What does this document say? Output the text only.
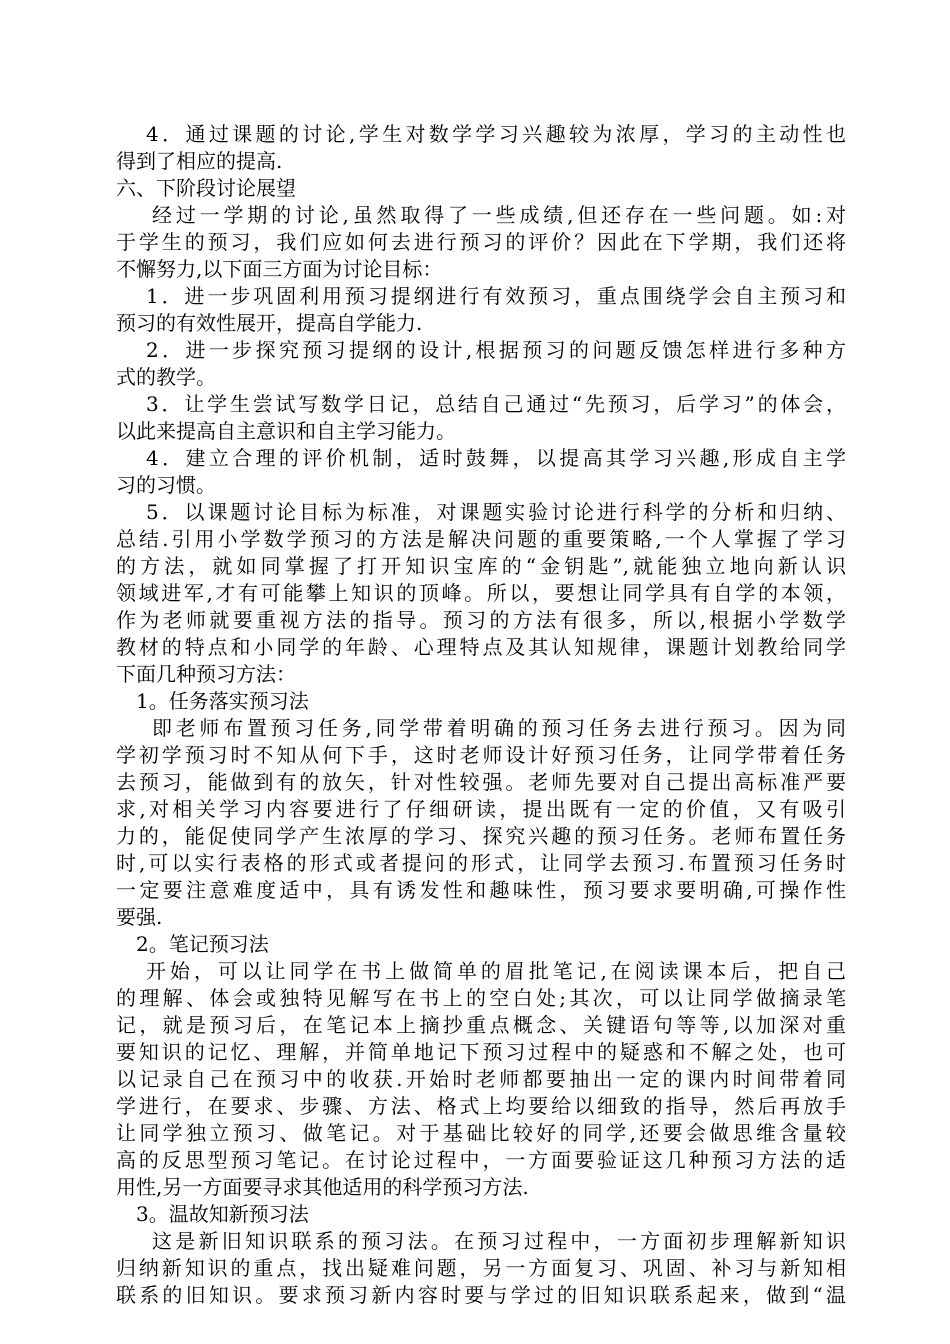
4．通过课题的讨论,学生对数学学习兴趣较为浓厚，学习的主动性也
得到了相应的提高.
六、下阶段讨论展望
经过一学期的讨论,虽然取得了一些成绩,但还存在一些问题。如:对
于学生的预习，我们应如何去进行预习的评价？因此在下学期，我们还将
不懈努力,以下面三方面为讨论目标：
1．进一步巩固利用预习提纲进行有效预习，重点围绕学会自主预习和
预习的有效性展开，提高自学能力.
2．进一步探究预习提纲的设计,根据预习的问题反馈怎样进行多种方
式的教学。
3．让学生尝试写数学日记，总结自己通过“先预习，后学习”的体会，
以此来提高自主意识和自主学习能力。
4．建立合理的评价机制，适时鼓舞，以提高其学习兴趣,形成自主学
习的习惯。
5．以课题讨论目标为标准，对课题实验讨论进行科学的分析和归纳、
总结.引用小学数学预习的方法是解决问题的重要策略,一个人掌握了学习
的方法，就如同掌握了打开知识宝库的“金钥匙”,就能独立地向新认识
领域进军,才有可能攀上知识的顶峰。所以，要想让同学具有自学的本领，
作为老师就要重视方法的指导。预习的方法有很多，所以,根据小学数学
教材的特点和小同学的年龄、心理特点及其认知规律，课题计划教给同学
下面几种预习方法：
1。任务落实预习法
即老师布置预习任务,同学带着明确的预习任务去进行预习。因为同
学初学预习时不知从何下手，这时老师设计好预习任务，让同学带着任务
去预习，能做到有的放矢，针对性较强。老师先要对自己提出高标准严要
求,对相关学习内容要进行了仔细研读，提出既有一定的价值，又有吸引
力的，能促使同学产生浓厚的学习、探究兴趣的预习任务。老师布置任务
时,可以实行表格的形式或者提问的形式，让同学去预习.布置预习任务时
一定要注意难度适中，具有诱发性和趣味性，预习要求要明确,可操作性
要强.
2。笔记预习法
开始，可以让同学在书上做简单的眉批笔记,在阅读课本后，把自己
的理解、体会或独特见解写在书上的空白处;其次，可以让同学做摘录笔
记，就是预习后，在笔记本上摘抄重点概念、关键语句等等,以加深对重
要知识的记忆、理解，并简单地记下预习过程中的疑惑和不解之处，也可
以记录自己在预习中的收获.开始时老师都要抽出一定的课内时间带着同
学进行，在要求、步骤、方法、格式上均要给以细致的指导，然后再放手
让同学独立预习、做笔记。对于基础比较好的同学,还要会做思维含量较
高的反思型预习笔记。在讨论过程中，一方面要验证这几种预习方法的适
用性,另一方面要寻求其他适用的科学预习方法.
3。温故知新预习法
这是新旧知识联系的预习法。在预习过程中，一方面初步理解新知识
归纳新知识的重点，找出疑难问题，另一方面复习、巩固、补习与新知相
联系的旧知识。要求预习新内容时要与学过的旧知识联系起来，做到“温
